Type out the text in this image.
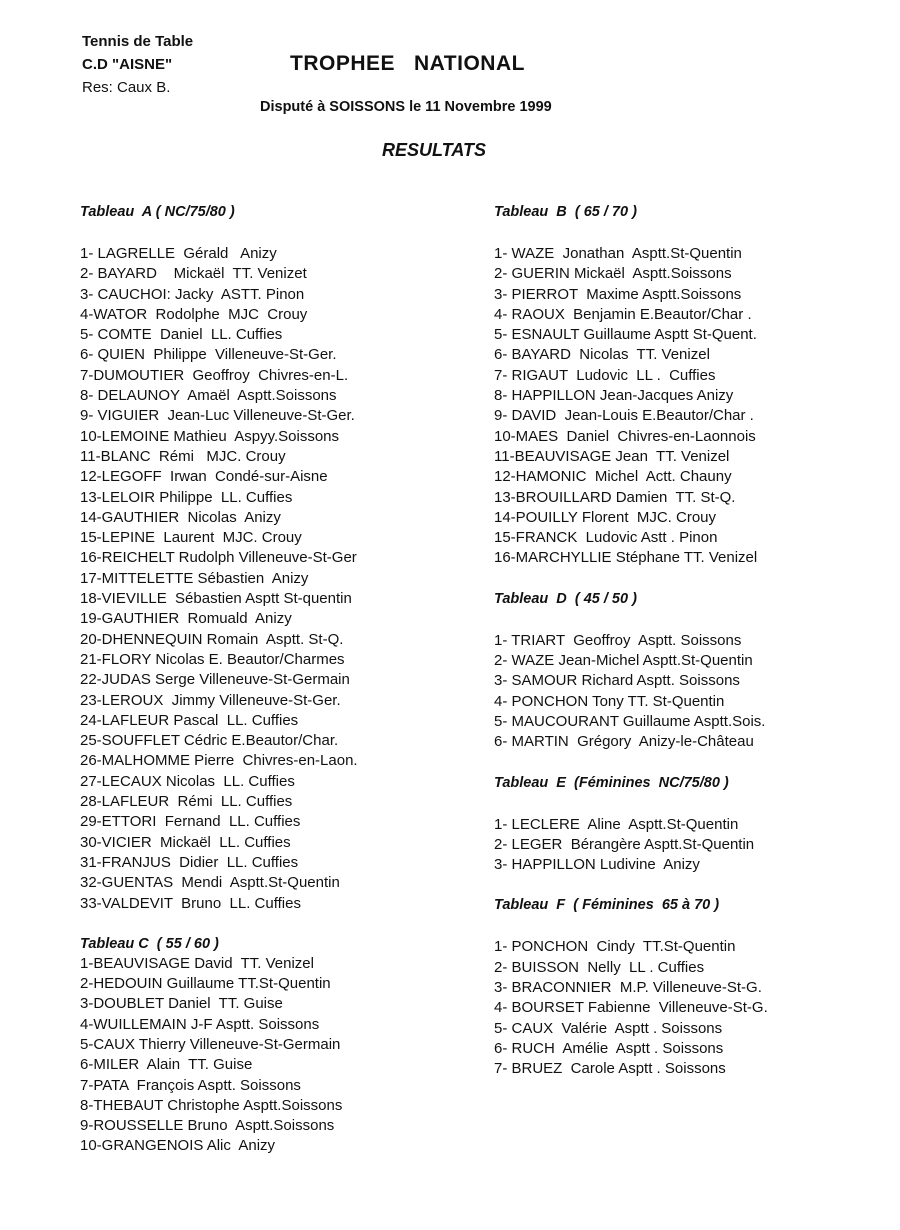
Tennis de Table
C.D "AISNE"
Res: Caux B.
TROPHEE   NATIONAL
Disputé à SOISSONS le 11 Novembre 1999
RESULTATS
Tableau  A ( NC/75/80 )
1- LAGRELLE  Gérald   Anizy
2- BAYARD    Mickaël  TT. Venizet
3- CAUCHOI: Jacky  ASTT. Pinon
4-WATOR  Rodolphe  MJC  Crouy
5- COMTE  Daniel  LL. Cuffies
6- QUIEN  Philippe  Villeneuve-St-Ger.
7-DUMOUTIER  Geoffroy  Chivres-en-L.
8- DELAUNOY  Amaël  Asptt.Soissons
9- VIGUIER  Jean-Luc Villeneuve-St-Ger.
10-LEMOINE Mathieu  Aspyy.Soissons
11-BLANC  Rémi   MJC. Crouy
12-LEGOFF  Irwan  Condé-sur-Aisne
13-LELOIR Philippe  LL. Cuffies
14-GAUTHIER  Nicolas  Anizy
15-LEPINE  Laurent  MJC. Crouy
16-REICHELT Rudolph Villeneuve-St-Ger
17-MITTELETTE Sébastien  Anizy
18-VIEVILLE  Sébastien Asptt St-quentin
19-GAUTHIER  Romuald  Anizy
20-DHENNEQUIN Romain  Asptt. St-Q.
21-FLORY Nicolas E. Beautor/Charmes
22-JUDAS Serge Villeneuve-St-Germain
23-LEROUX  Jimmy Villeneuve-St-Ger.
24-LAFLEUR Pascal  LL. Cuffies
25-SOUFFLET Cédric E.Beautor/Char.
26-MALHOMME Pierre  Chivres-en-Laon.
27-LECAUX Nicolas  LL. Cuffies
28-LAFLEUR  Rémi  LL. Cuffies
29-ETTORI  Fernand  LL. Cuffies
30-VICIER  Mickaël  LL. Cuffies
31-FRANJUS  Didier  LL. Cuffies
32-GUENTAS  Mendi  Asptt.St-Quentin
33-VALDEVIT  Bruno  LL. Cuffies
Tableau C  ( 55 / 60 )
1-BEAUVISAGE David  TT. Venizel
2-HEDOUIN Guillaume TT.St-Quentin
3-DOUBLET Daniel  TT. Guise
4-WUILLEMAIN J-F Asptt. Soissons
5-CAUX Thierry Villeneuve-St-Germain
6-MILER  Alain  TT. Guise
7-PATA  François Asptt. Soissons
8-THEBAUT Christophe Asptt.Soissons
9-ROUSSELLE Bruno  Asptt.Soissons
10-GRANGENOIS Alic  Anizy
Tableau  B  ( 65 / 70 )
1- WAZE  Jonathan  Asptt.St-Quentin
2- GUERIN Mickaël  Asptt.Soissons
3- PIERROT  Maxime Asptt.Soissons
4- RAOUX  Benjamin E.Beautor/Char .
5- ESNAULT Guillaume Asptt St-Quent.
6- BAYARD  Nicolas  TT. Venizel
7- RIGAUT  Ludovic  LL .  Cuffies
8- HAPPILLON Jean-Jacques Anizy
9- DAVID  Jean-Louis E.Beautor/Char .
10-MAES  Daniel  Chivres-en-Laonnois
11-BEAUVISAGE Jean  TT. Venizel
12-HAMONIC  Michel  Actt. Chauny
13-BROUILLARD Damien  TT. St-Q.
14-POUILLY Florent  MJC. Crouy
15-FRANCK  Ludovic Astt . Pinon
16-MARCHYLLIE Stéphane TT. Venizel
Tableau  D  ( 45 / 50 )
1- TRIART  Geoffroy  Asptt. Soissons
2- WAZE Jean-Michel Asptt.St-Quentin
3- SAMOUR Richard Asptt. Soissons
4- PONCHON Tony TT. St-Quentin
5- MAUCOURANT Guillaume Asptt.Sois.
6- MARTIN  Grégory  Anizy-le-Château
Tableau  E  (Féminines  NC/75/80 )
1- LECLERE  Aline  Asptt.St-Quentin
2- LEGER  Bérangère Asptt.St-Quentin
3- HAPPILLON Ludivine  Anizy
Tableau  F  ( Féminines  65 à 70 )
1- PONCHON  Cindy  TT.St-Quentin
2- BUISSON  Nelly  LL . Cuffies
3- BRACONNIER  M.P. Villeneuve-St-G.
4- BOURSET Fabienne  Villeneuve-St-G.
5- CAUX  Valérie  Asptt . Soissons
6- RUCH  Amélie  Asptt . Soissons
7- BRUEZ  Carole Asptt . Soissons
